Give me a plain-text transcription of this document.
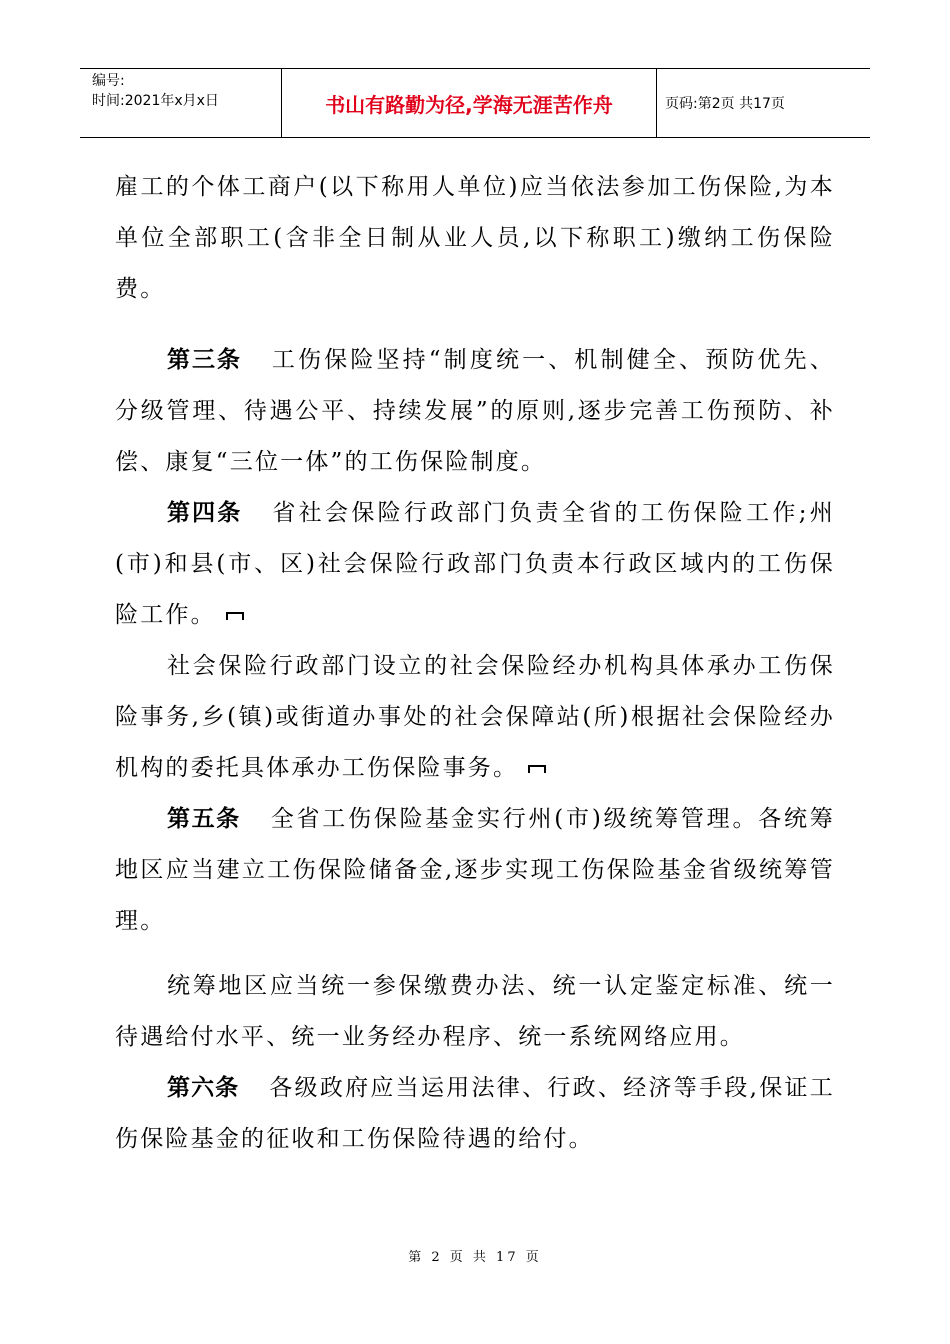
编号:
时间:2021年x月x日	书山有路勤为径,学海无涯苦作舟	页码:第2页 共17页

雇工的个体工商户(以下称用人单位)应当依法参加工伤保险,为本单位全部职工(含非全日制从业人员,以下称职工)缴纳工伤保险费。

第三条 工伤保险坚持“制度统一、机制健全、预防优先、分级管理、待遇公平、持续发展”的原则,逐步完善工伤预防、补偿、康复“三位一体”的工伤保险制度。

第四条 省社会保险行政部门负责全省的工伤保险工作;州(市)和县(市、区)社会保险行政部门负责本行政区域内的工伤保险工作。

社会保险行政部门设立的社会保险经办机构具体承办工伤保险事务,乡(镇)或街道办事处的社会保障站(所)根据社会保险经办机构的委托具体承办工伤保险事务。

第五条 全省工伤保险基金实行州(市)级统筹管理。各统筹地区应当建立工伤保险储备金,逐步实现工伤保险基金省级统筹管理。

统筹地区应当统一参保缴费办法、统一认定鉴定标准、统一待遇给付水平、统一业务经办程序、统一系统网络应用。

第六条 各级政府应当运用法律、行政、经济等手段,保证工伤保险基金的征收和工伤保险待遇的给付。

第 2 页 共 17 页
